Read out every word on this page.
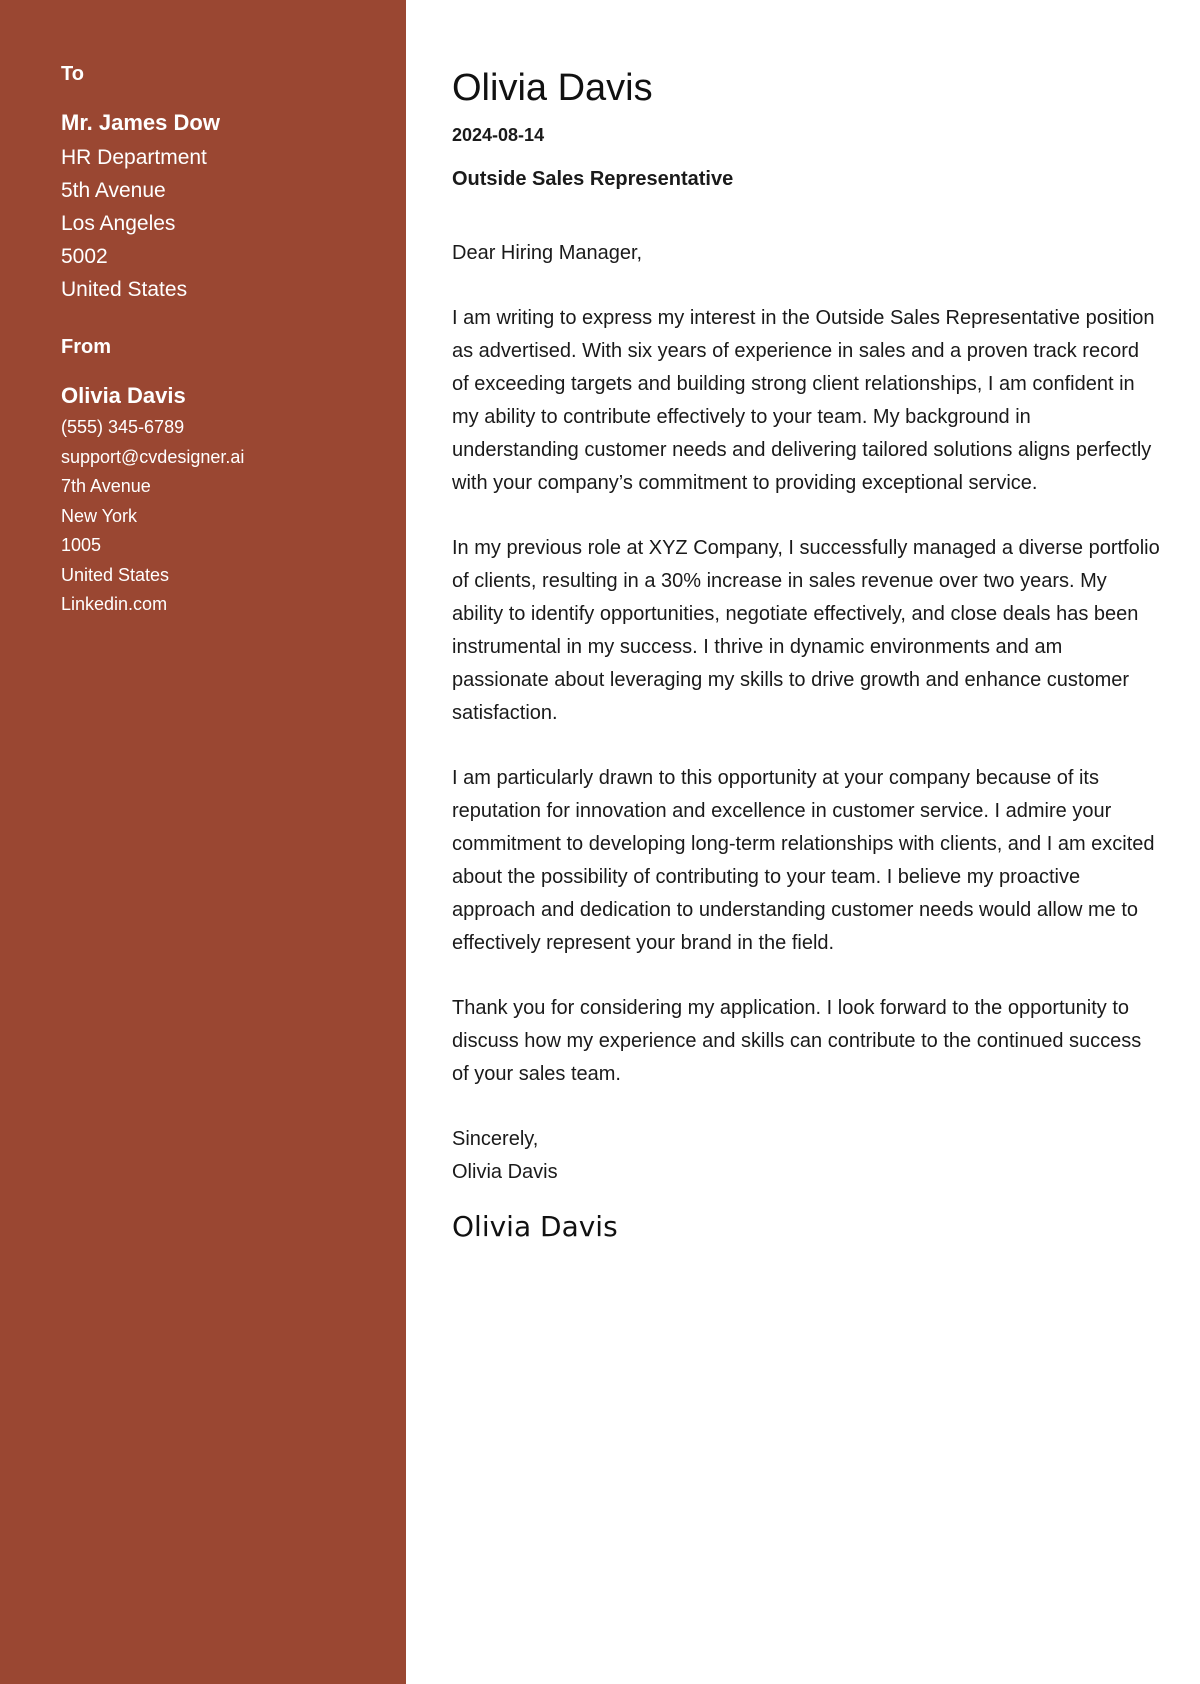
To
Mr. James Dow
HR Department
5th Avenue
Los Angeles
5002
United States
From
Olivia Davis
(555) 345-6789
support@cvdesigner.ai
7th Avenue
New York
1005
United States
Linkedin.com
Olivia Davis
2024-08-14
Outside Sales Representative
Dear Hiring Manager,

I am writing to express my interest in the Outside Sales Representative position as advertised. With six years of experience in sales and a proven track record of exceeding targets and building strong client relationships, I am confident in my ability to contribute effectively to your team. My background in understanding customer needs and delivering tailored solutions aligns perfectly with your company’s commitment to providing exceptional service.

In my previous role at XYZ Company, I successfully managed a diverse portfolio of clients, resulting in a 30% increase in sales revenue over two years. My ability to identify opportunities, negotiate effectively, and close deals has been instrumental in my success. I thrive in dynamic environments and am passionate about leveraging my skills to drive growth and enhance customer satisfaction.

I am particularly drawn to this opportunity at your company because of its reputation for innovation and excellence in customer service. I admire your commitment to developing long-term relationships with clients, and I am excited about the possibility of contributing to your team. I believe my proactive approach and dedication to understanding customer needs would allow me to effectively represent your brand in the field.

Thank you for considering my application. I look forward to the opportunity to discuss how my experience and skills can contribute to the continued success of your sales team.

Sincerely,
Olivia Davis
Olivia Davis
